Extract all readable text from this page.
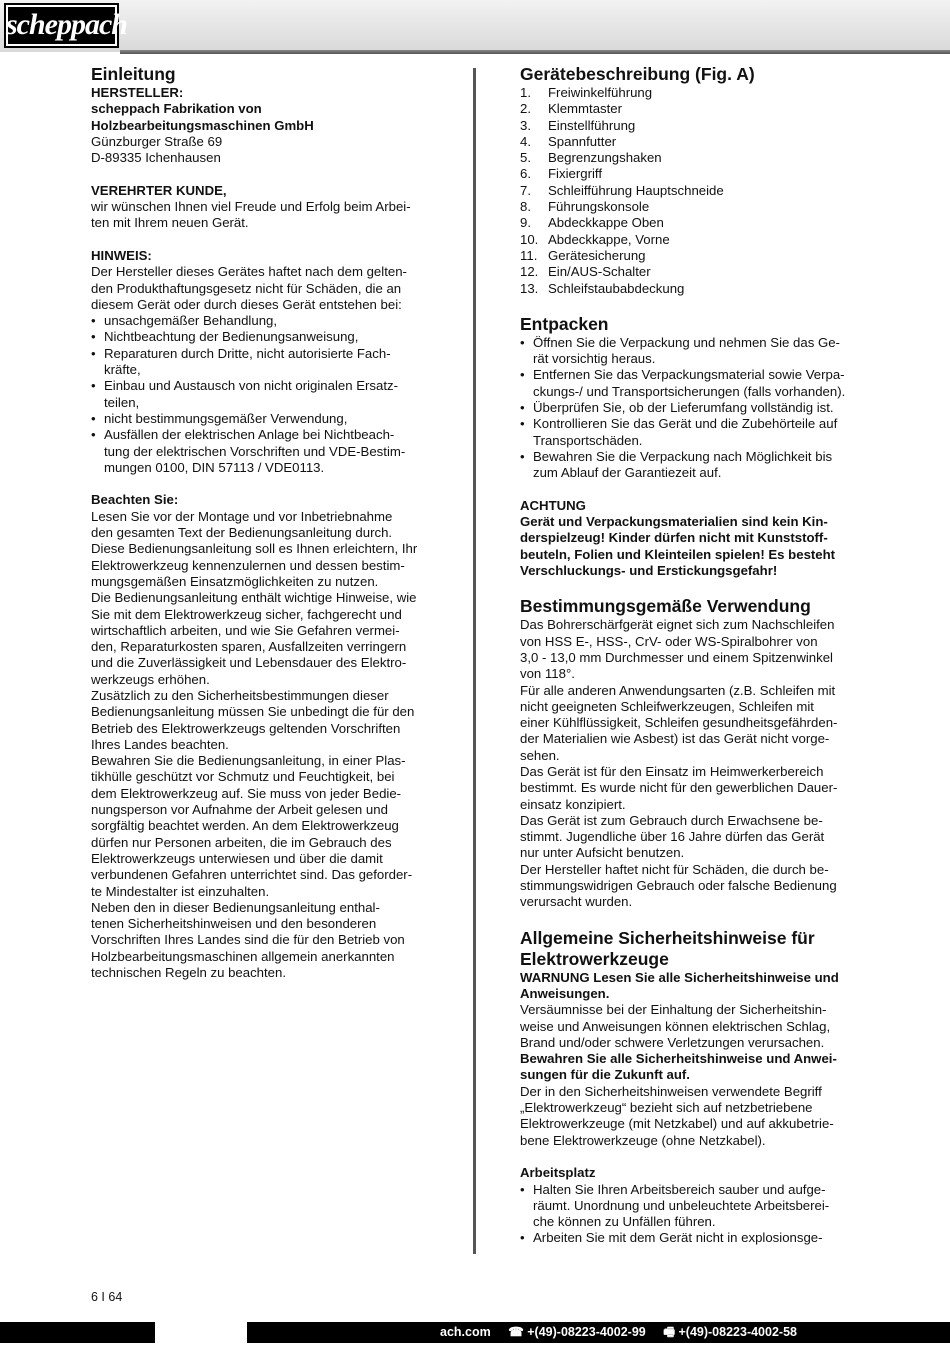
scheppach
Einleitung
HERSTELLER:
scheppach Fabrikation von
Holzbearbeitungsmaschinen GmbH
Günzburger Straße 69
D-89335 Ichenhausen
VEREHRTER KUNDE,
wir wünschen Ihnen viel Freude und Erfolg beim Arbei-
ten mit Ihrem neuen Gerät.
HINWEIS:
Der Hersteller dieses Gerätes haftet nach dem gelten-
den Produkthaftungsgesetz nicht für Schäden, die an
diesem Gerät oder durch dieses Gerät entstehen bei:
• unsachgemäßer Behandlung,
• Nichtbeachtung der Bedienungsanweisung,
• Reparaturen durch Dritte, nicht autorisierte Fach-
kräfte,
• Einbau und Austausch von nicht originalen Ersatz-
teilen,
• nicht bestimmungsgemäßer Verwendung,
• Ausfällen der elektrischen Anlage bei Nichtbeach-
tung der elektrischen Vorschriften und VDE-Bestim-
mungen 0100, DIN 57113 / VDE0113.
Beachten Sie:
Lesen Sie vor der Montage und vor Inbetriebnahme
den gesamten Text der Bedienungsanleitung durch.
Diese Bedienungsanleitung soll es Ihnen erleichtern, Ihr
Elektrowerkzeug kennenzulernen und dessen bestim-
mungsgemäßen Einsatzmöglichkeiten zu nutzen.
Die Bedienungsanleitung enthält wichtige Hinweise, wie
Sie mit dem Elektrowerkzeug sicher, fachgerecht und
wirtschaftlich arbeiten, und wie Sie Gefahren vermei-
den, Reparaturkosten sparen, Ausfallzeiten verringern
und die Zuverlässigkeit und Lebensdauer des Elektro-
werkzeugs erhöhen.
Zusätzlich zu den Sicherheitsbestimmungen dieser
Bedienungsanleitung müssen Sie unbedingt die für den
Betrieb des Elektrowerkzeugs geltenden Vorschriften
Ihres Landes beachten.
Bewahren Sie die Bedienungsanleitung, in einer Plas-
tikhülle geschützt vor Schmutz und Feuchtigkeit, bei
dem Elektrowerkzeug auf. Sie muss von jeder Bedie-
nungsperson vor Aufnahme der Arbeit gelesen und
sorgfältig beachtet werden. An dem Elektrowerkzeug
dürfen nur Personen arbeiten, die im Gebrauch des
Elektrowerkzeugs unterwiesen und über die damit
verbundenen Gefahren unterrichtet sind. Das geforder-
te Mindestalter ist einzuhalten.
Neben den in dieser Bedienungsanleitung enthal-
tenen Sicherheitshinweisen und den besonderen
Vorschriften Ihres Landes sind die für den Betrieb von
Holzbearbeitungsmaschinen allgemein anerkannten
technischen Regeln zu beachten.
Gerätebeschreibung (Fig. A)
1. Freiwinkelführung
2. Klemmtaster
3. Einstellführung
4. Spannfutter
5. Begrenzungshaken
6. Fixiergriff
7. Schleifführung Hauptschneide
8. Führungskonsole
9. Abdeckkappe Oben
10. Abdeckkappe, Vorne
11. Gerätesicherung
12. Ein/AUS-Schalter
13. Schleifstaubabdeckung
Entpacken
• Öffnen Sie die Verpackung und nehmen Sie das Ge-
rät vorsichtig heraus.
• Entfernen Sie das Verpackungsmaterial sowie Verpa-
ckungs-/ und Transportsicherungen (falls vorhanden).
• Überprüfen Sie, ob der Lieferumfang vollständig ist.
• Kontrollieren Sie das Gerät und die Zubehörteile auf
Transportschäden.
• Bewahren Sie die Verpackung nach Möglichkeit bis
zum Ablauf der Garantiezeit auf.
ACHTUNG
Gerät und Verpackungsmaterialien sind kein Kin-
derspielzeug! Kinder dürfen nicht mit Kunststoff-
beuteln, Folien und Kleinteilen spielen! Es besteht
Verschluckungs- und Erstickungsgefahr!
Bestimmungsgemäße Verwendung
Das Bohrerschärfgerät eignet sich zum Nachschleifen
von HSS E-, HSS-, CrV- oder WS-Spiralbohrer von
3,0 - 13,0 mm Durchmesser und einem Spitzenwinkel
von 118°.
Für alle anderen Anwendungsarten (z.B. Schleifen mit
nicht geeigneten Schleifwerkzeugen, Schleifen mit
einer Kühlflüssigkeit, Schleifen gesundheitsgefährden-
der Materialien wie Asbest) ist das Gerät nicht vorge-
sehen.
Das Gerät ist für den Einsatz im Heimwerkerbereich
bestimmt. Es wurde nicht für den gewerblichen Dauer-
einsatz konzipiert.
Das Gerät ist zum Gebrauch durch Erwachsene be-
stimmt. Jugendliche über 16 Jahre dürfen das Gerät
nur unter Aufsicht benutzen.
Der Hersteller haftet nicht für Schäden, die durch be-
stimmungswidrigen Gebrauch oder falsche Bedienung
verursacht wurden.
Allgemeine Sicherheitshinweise für
Elektrowerkzeuge
WARNUNG Lesen Sie alle Sicherheitshinweise und
Anweisungen.
Versäumnisse bei der Einhaltung der Sicherheitshin-
weise und Anweisungen können elektrischen Schlag,
Brand und/oder schwere Verletzungen verursachen.
Bewahren Sie alle Sicherheitshinweise und Anwei-
sungen für die Zukunft auf.
Der in den Sicherheitshinweisen verwendete Begriff
„Elektrowerkzeug“ bezieht sich auf netzbetriebene
Elektrowerkzeuge (mit Netzkabel) und auf akkubetrie-
bene Elektrowerkzeuge (ohne Netzkabel).
Arbeitsplatz
• Halten Sie Ihren Arbeitsbereich sauber und aufge-
räumt. Unordnung und unbeleuchtete Arbeitsberei-
che können zu Unfällen führen.
• Arbeiten Sie mit dem Gerät nicht in explosionsge-
6 I 64
ach.com ☎ +(49)-08223-4002-99 🖷 +(49)-08223-4002-58
